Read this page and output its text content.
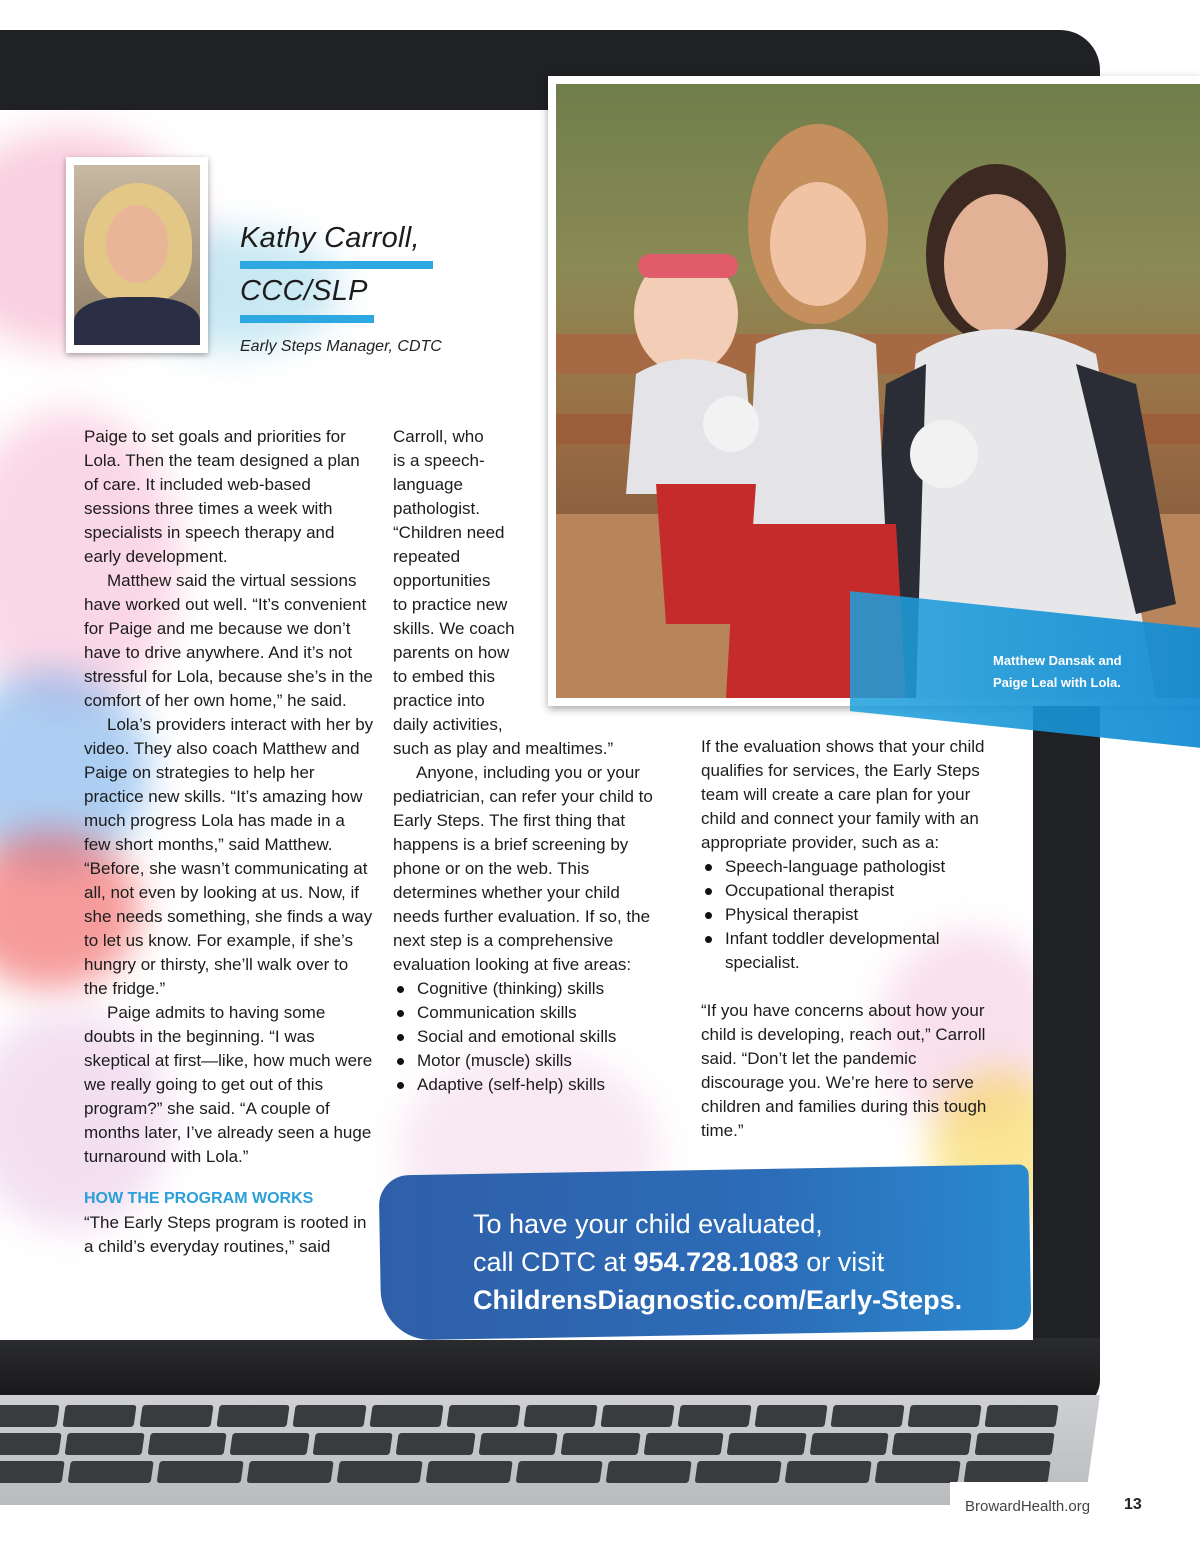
Kathy Carroll,
CCC/SLP
Early Steps Manager, CDTC
Matthew Dansak and
Paige Leal with Lola.

Paige to set goals and priorities for Lola. Then the team designed a plan of care. It included web-based sessions three times a week with specialists in speech therapy and early development.

Matthew said the virtual sessions have worked out well. “It’s convenient for Paige and me because we don’t have to drive anywhere. And it’s not stressful for Lola, because she’s in the comfort of her own home,” he said.

Lola’s providers interact with her by video. They also coach Matthew and Paige on strategies to help her practice new skills. “It’s amazing how much progress Lola has made in a few short months,” said Matthew. “Before, she wasn’t communicating at all, not even by looking at us. Now, if she needs something, she finds a way to let us know. For example, if she’s hungry or thirsty, she’ll walk over to the fridge.”

Paige admits to having some doubts in the beginning. “I was skeptical at first—like, how much were we really going to get out of this program?” she said. “A couple of months later, I’ve already seen a huge turnaround with Lola.”

HOW THE PROGRAM WORKS

“The Early Steps program is rooted in a child’s everyday routines,” said

Carroll, who
is a speech-
language
pathologist.
“Children need
repeated
opportunities
to practice new
skills. We coach
parents on how
to embed this
practice into
daily activities,
such as play and mealtimes.”

Anyone, including you or your pediatrician, can refer your child to Early Steps. The first thing that happens is a brief screening by phone or on the web. This determines whether your child needs further evaluation. If so, the next step is a comprehensive evaluation looking at five areas:

Cognitive (thinking) skills
Communication skills
Social and emotional skills
Motor (muscle) skills
Adaptive (self-help) skills

If the evaluation shows that your child qualifies for services, the Early Steps team will create a care plan for your child and connect your family with an appropriate provider, such as a:

Speech-language pathologist
Occupational therapist
Physical therapist
Infant toddler developmental specialist.

“If you have concerns about how your child is developing, reach out,” Carroll said. “Don’t let the pandemic discourage you. We’re here to serve children and families during this tough time.”

To have your child evaluated,
call CDTC at 954.728.1083 or visit
ChildrensDiagnostic.com/Early-Steps.
BrowardHealth.org 13
